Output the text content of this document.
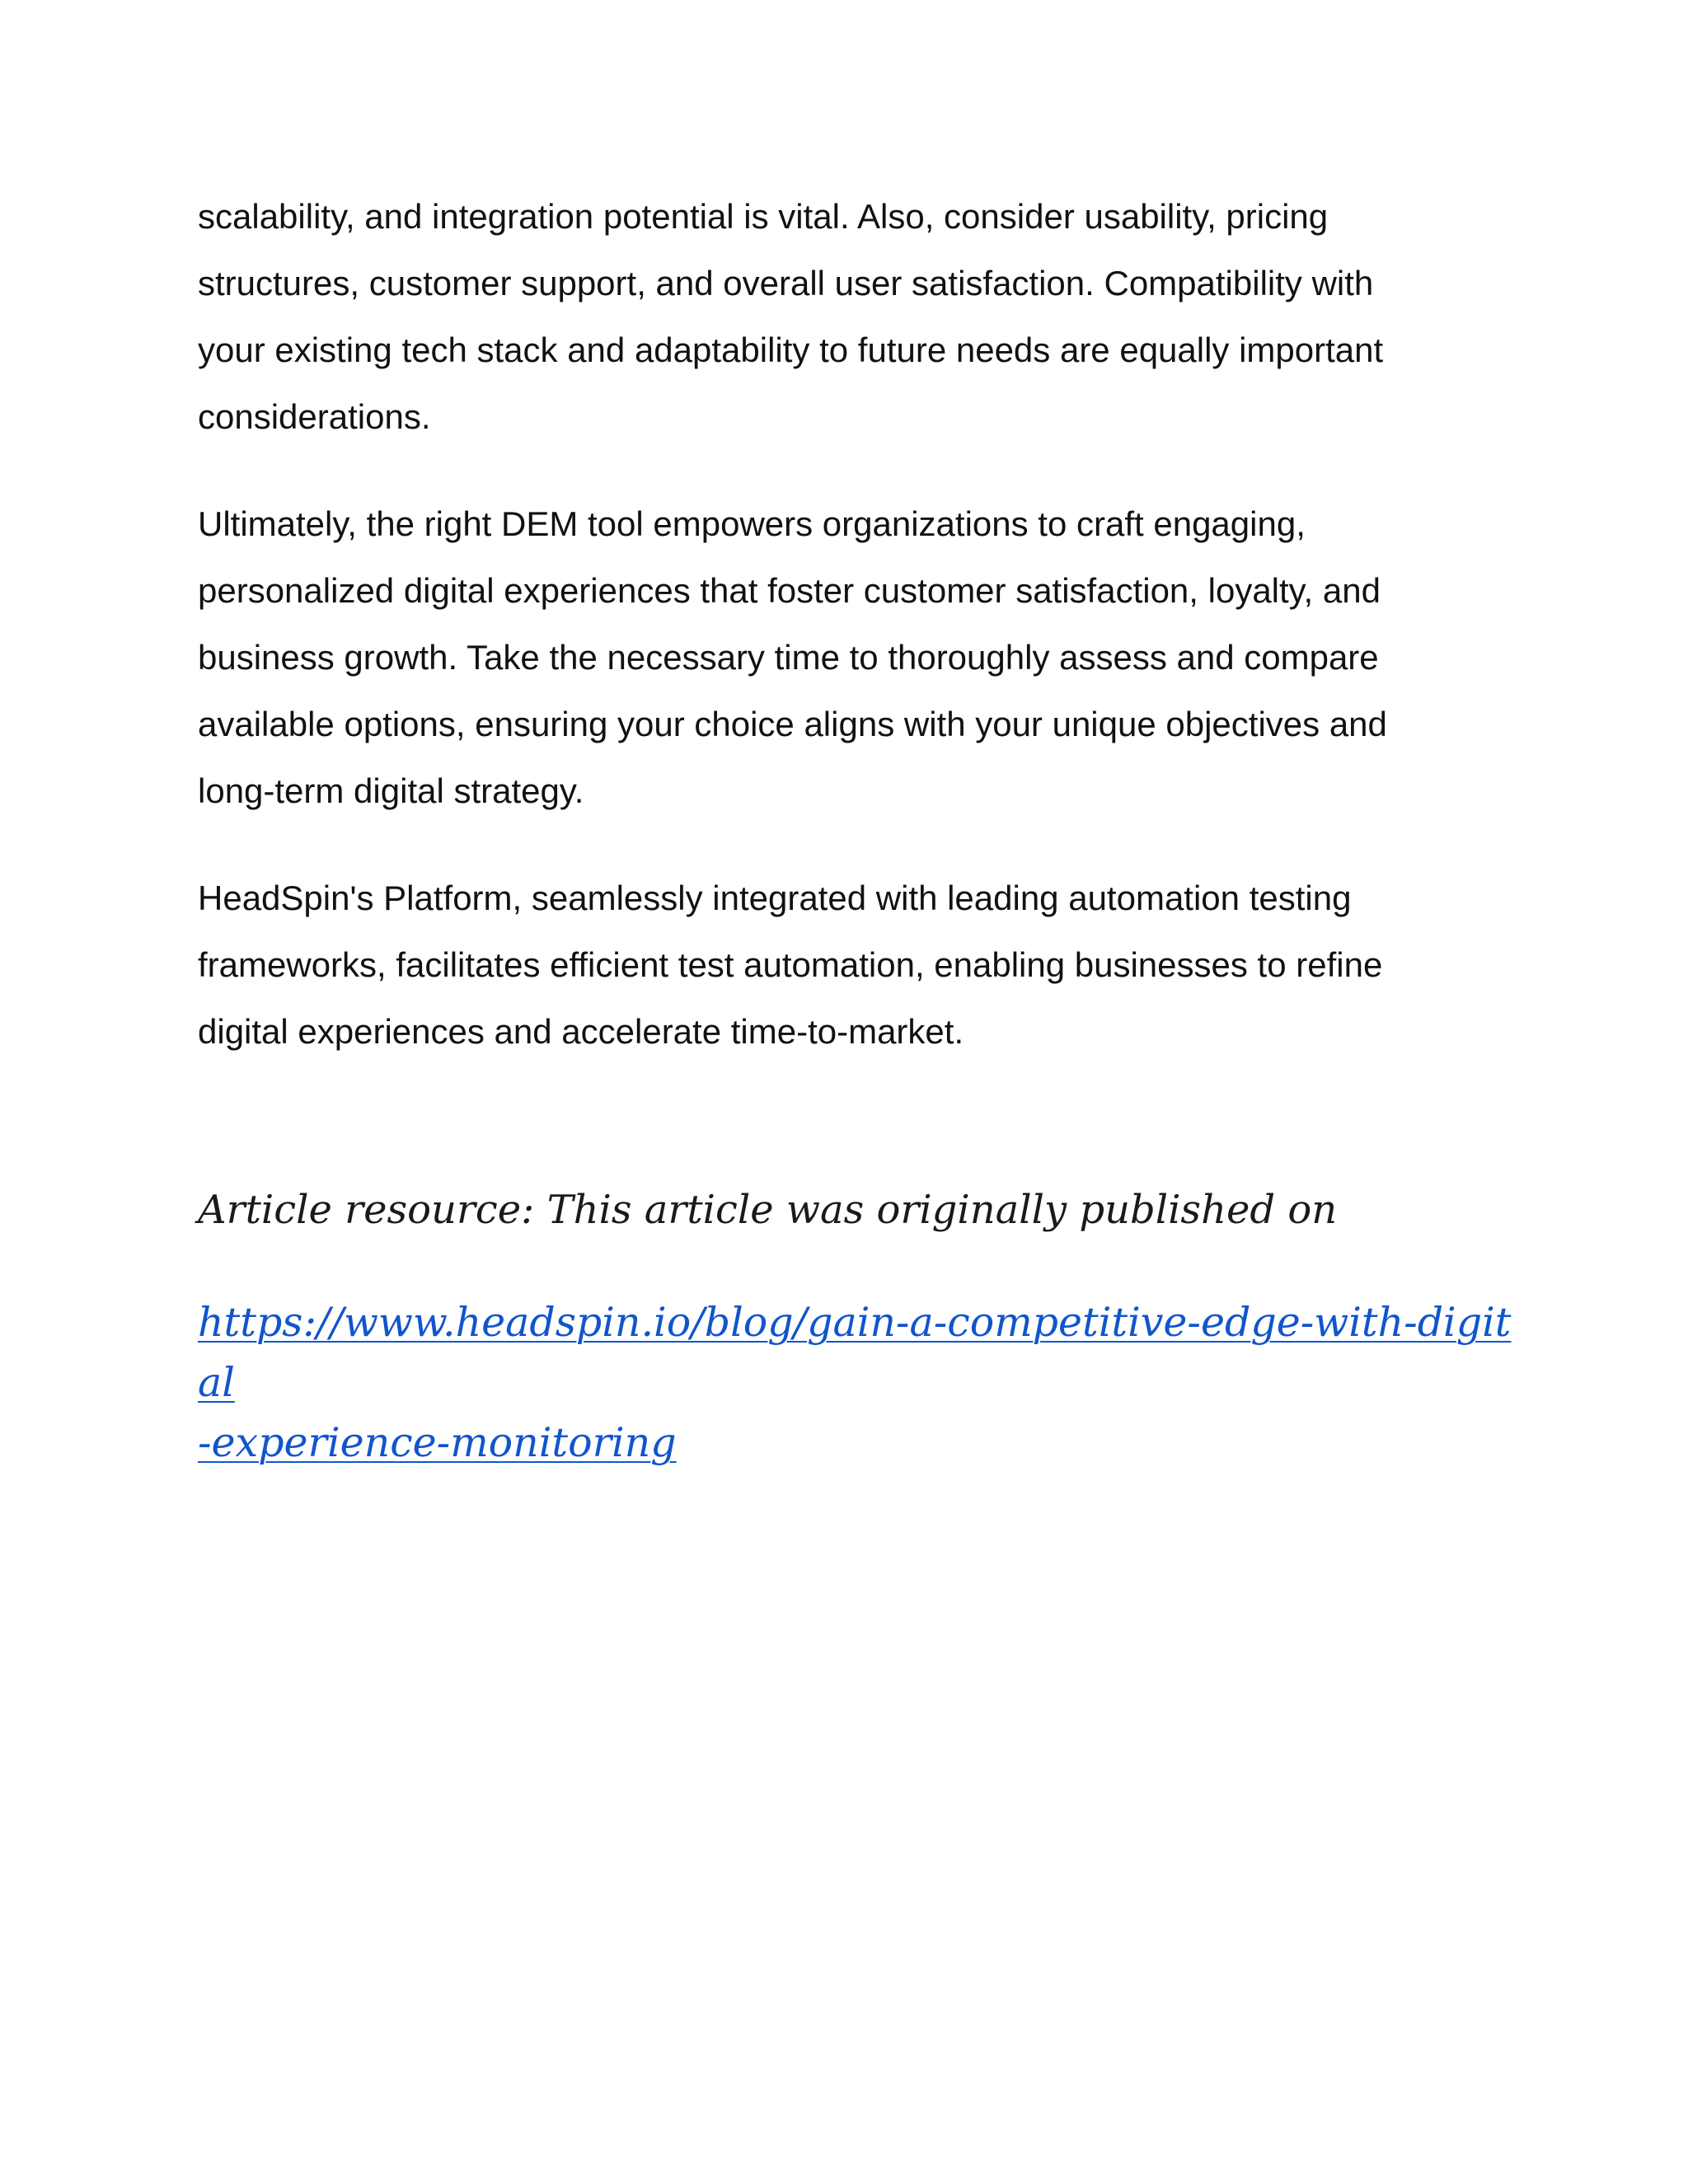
scalability, and integration potential is vital. Also, consider usability, pricing
structures, customer support, and overall user satisfaction. Compatibility with
your existing tech stack and adaptability to future needs are equally important
considerations.

Ultimately, the right DEM tool empowers organizations to craft engaging,
personalized digital experiences that foster customer satisfaction, loyalty, and
business growth. Take the necessary time to thoroughly assess and compare
available options, ensuring your choice aligns with your unique objectives and
long-term digital strategy.

HeadSpin's Platform, seamlessly integrated with leading automation testing
frameworks, facilitates efficient test automation, enabling businesses to refine
digital experiences and accelerate time-to-market.

Article resource: This article was originally published on

https://www.headspin.io/blog/gain-a-competitive-edge-with-digital
-experience-monitoring
